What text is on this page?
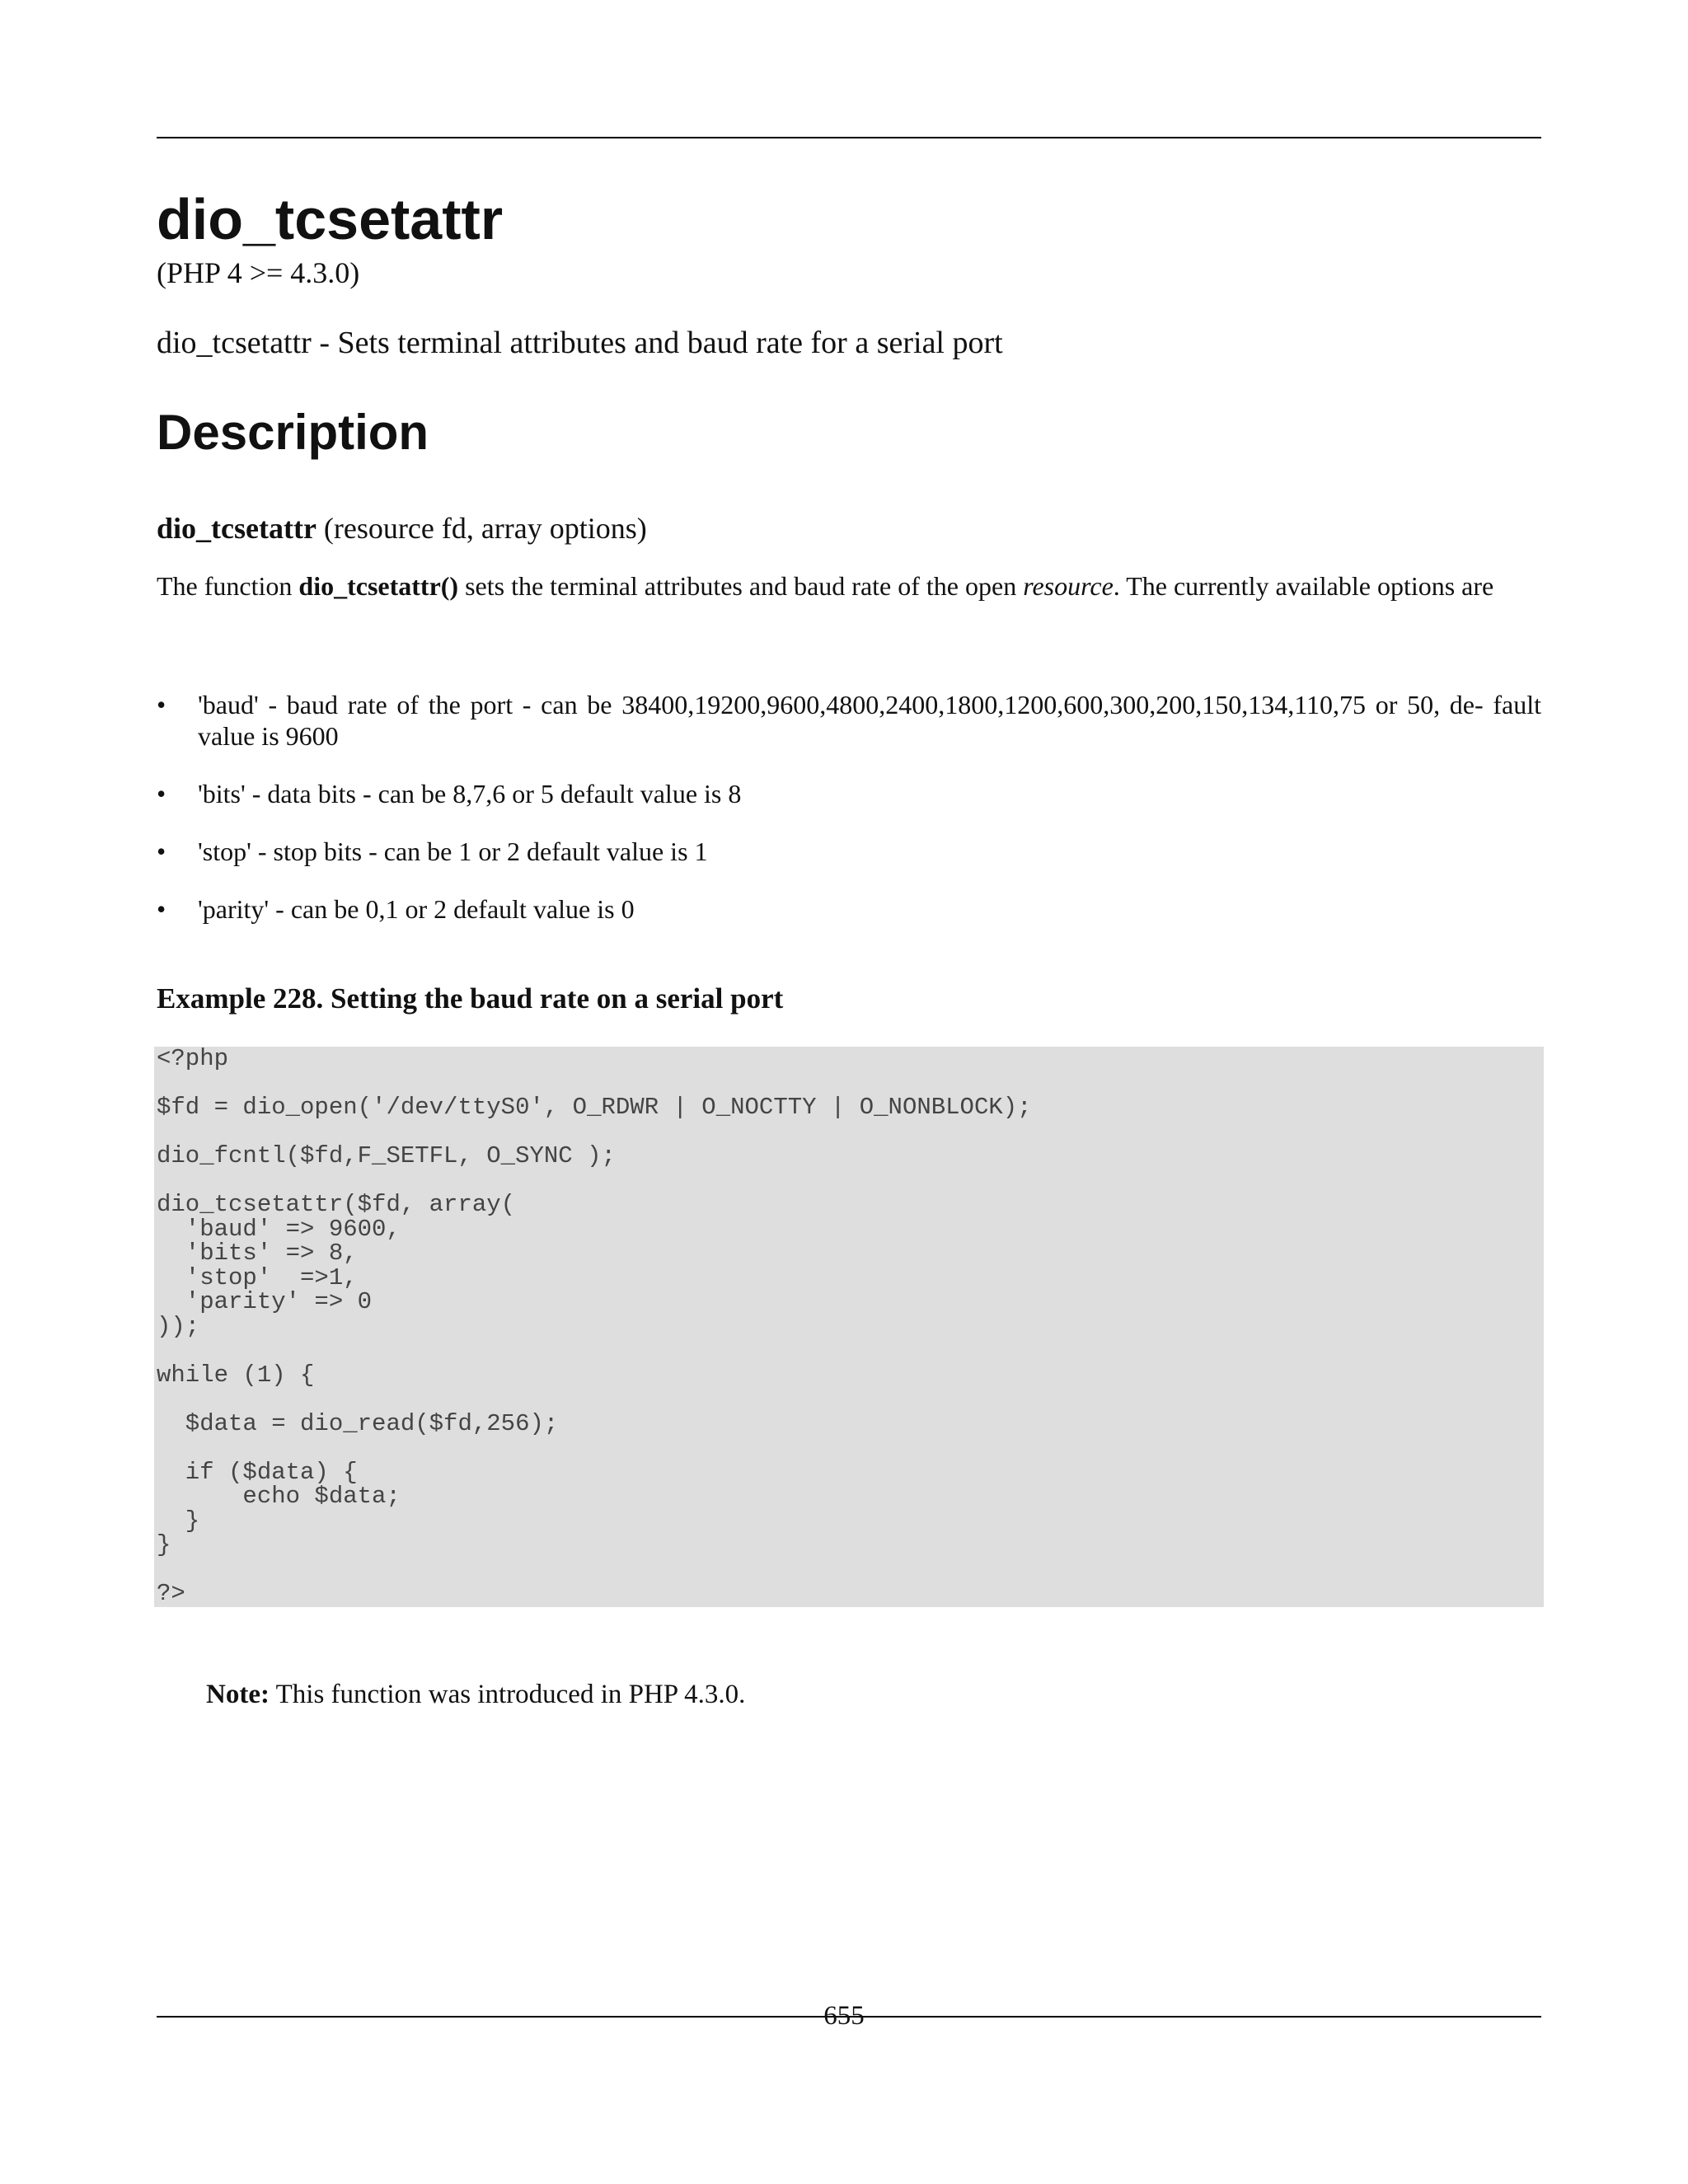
dio_tcsetattr
(PHP 4 >= 4.3.0)
dio_tcsetattr - Sets terminal attributes and baud rate for a serial port
Description
dio_tcsetattr (resource fd, array options)
The function dio_tcsetattr() sets the terminal attributes and baud rate of the open resource. The currently available options are
• 'baud' - baud rate of the port - can be 38400,19200,9600,4800,2400,1800,1200,600,300,200,150,134,110,75 or 50, de- fault value is 9600
• 'bits' - data bits - can be 8,7,6 or 5 default value is 8
• 'stop' - stop bits - can be 1 or 2 default value is 1
• 'parity' - can be 0,1 or 2 default value is 0
Example 228. Setting the baud rate on a serial port
<?php

$fd = dio_open('/dev/ttyS0', O_RDWR | O_NOCTTY | O_NONBLOCK);

dio_fcntl($fd,F_SETFL, O_SYNC );

dio_tcsetattr($fd, array(
'baud' => 9600,
'bits' => 8,
'stop'  =>1,
'parity' => 0
));

while (1) {

$data = dio_read($fd,256);

if ($data) {
echo $data;
}
}

?>
Note: This function was introduced in PHP 4.3.0.
655
